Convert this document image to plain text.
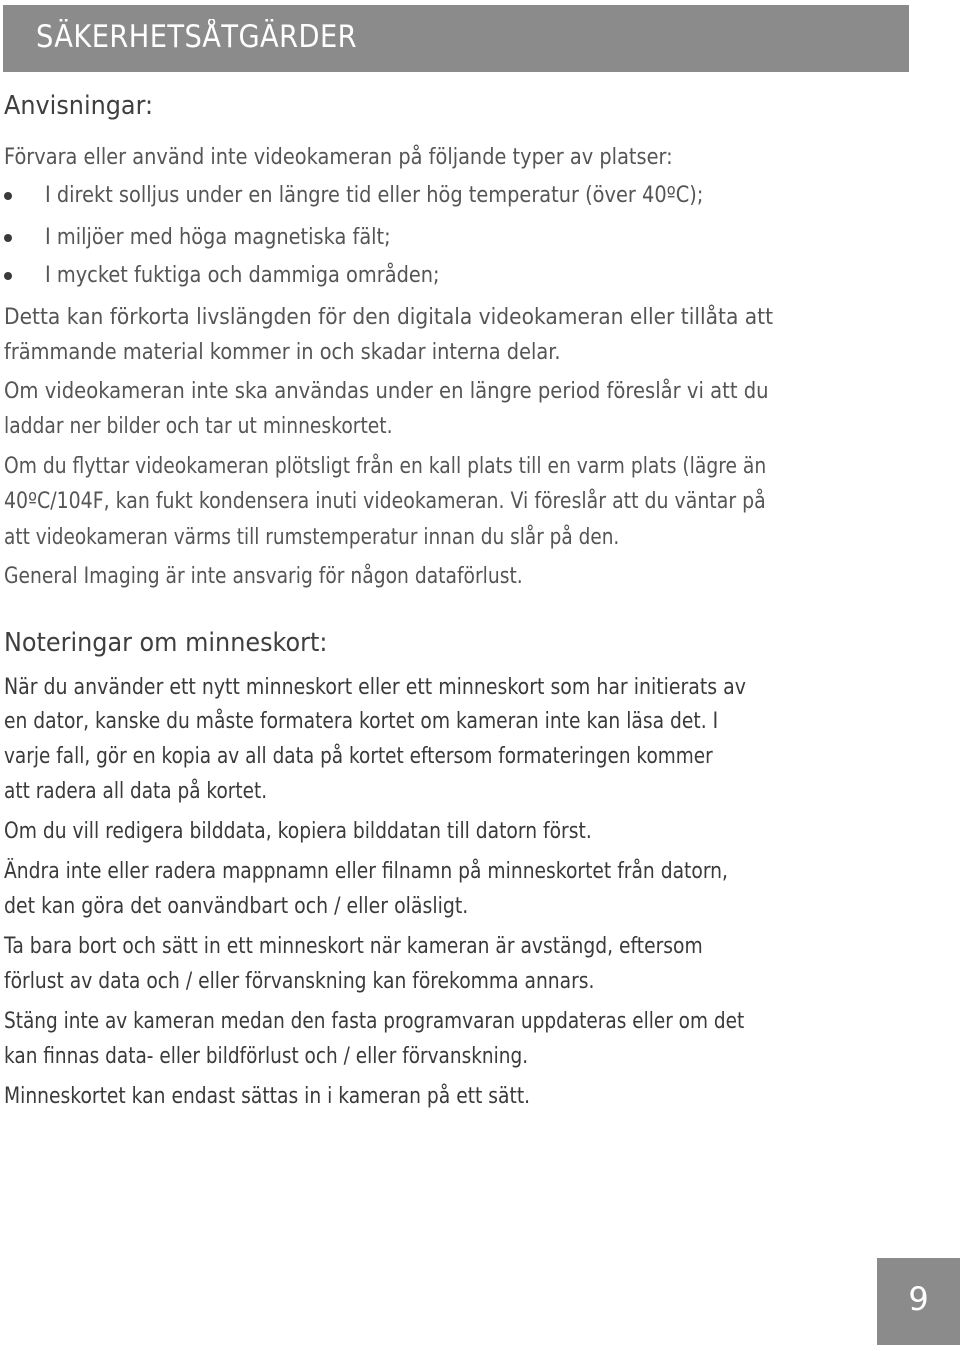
SÄKERHETSÅTGÄRDER
Anvisningar:

Förvara eller använd inte videokameran på följande typer av platser:

I direkt solljus under en längre tid eller hög temperatur (över 40ºC);
I miljöer med höga magnetiska fält;
I mycket fuktiga och dammiga områden;

Detta kan förkorta livslängden för den digitala videokameran eller tillåta att

främmande material kommer in och skadar interna delar.

Om videokameran inte ska användas under en längre period föreslår vi att du

laddar ner bilder och tar ut minneskortet.

Om du flyttar videokameran plötsligt från en kall plats till en varm plats (lägre än

40ºC/104F, kan fukt kondensera inuti videokameran. Vi föreslår att du väntar på

att videokameran värms till rumstemperatur innan du slår på den.

General Imaging är inte ansvarig för någon dataförlust.

Noteringar om minneskort:

När du använder ett nytt minneskort eller ett minneskort som har initierats av

en dator, kanske du måste formatera kortet om kameran inte kan läsa det. I

varje fall, gör en kopia av all data på kortet eftersom formateringen kommer

att radera all data på kortet.

Om du vill redigera bilddata, kopiera bilddatan till datorn först.

Ändra inte eller radera mappnamn eller filnamn på minneskortet från datorn,

det kan göra det oanvändbart och / eller oläsligt.

Ta bara bort och sätt in ett minneskort när kameran är avstängd, eftersom

förlust av data och / eller förvanskning kan förekomma annars.

Stäng inte av kameran medan den fasta programvaran uppdateras eller om det

kan finnas data- eller bildförlust och / eller förvanskning.

Minneskortet kan endast sättas in i kameran på ett sätt.

9
